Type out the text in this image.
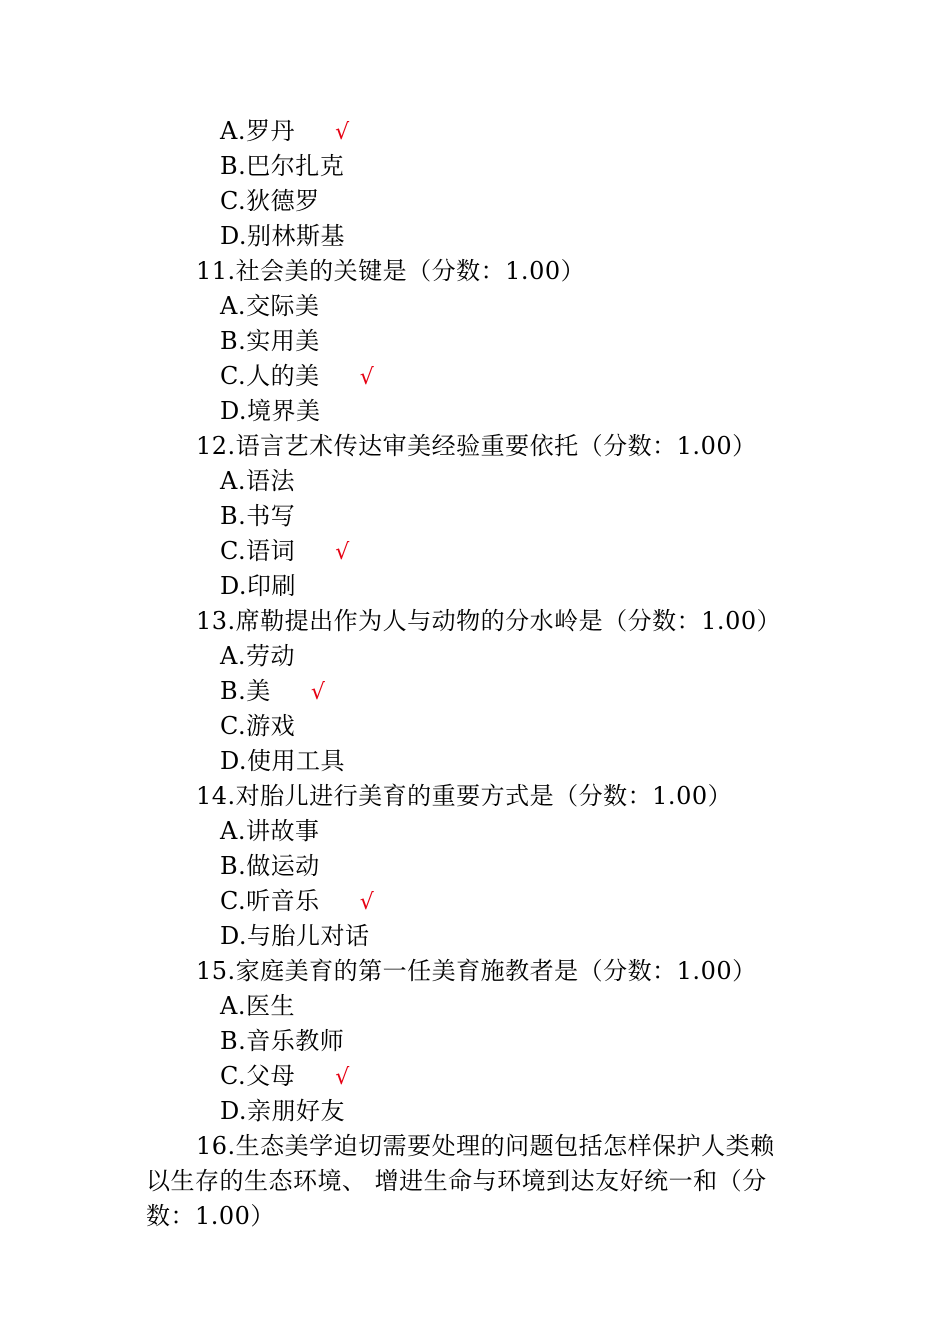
A.罗丹 √
B.巴尔扎克
C.狄德罗
D.别林斯基
11.社会美的关键是（分数：1.00）
A.交际美
B.实用美
C.人的美 √
D.境界美
12.语言艺术传达审美经验重要依托（分数：1.00）
A.语法
B.书写
C.语词 √
D.印刷
13.席勒提出作为人与动物的分水岭是（分数：1.00）
A.劳动
B.美 √
C.游戏
D.使用工具
14.对胎儿进行美育的重要方式是（分数：1.00）
A.讲故事
B.做运动
C.听音乐 √
D.与胎儿对话
15.家庭美育的第一任美育施教者是（分数：1.00）
A.医生
B.音乐教师
C.父母 √
D.亲朋好友
16.生态美学迫切需要处理的问题包括怎样保护人类赖
以生存的生态环境、 增进生命与环境到达友好统一和（分
数：1.00）
